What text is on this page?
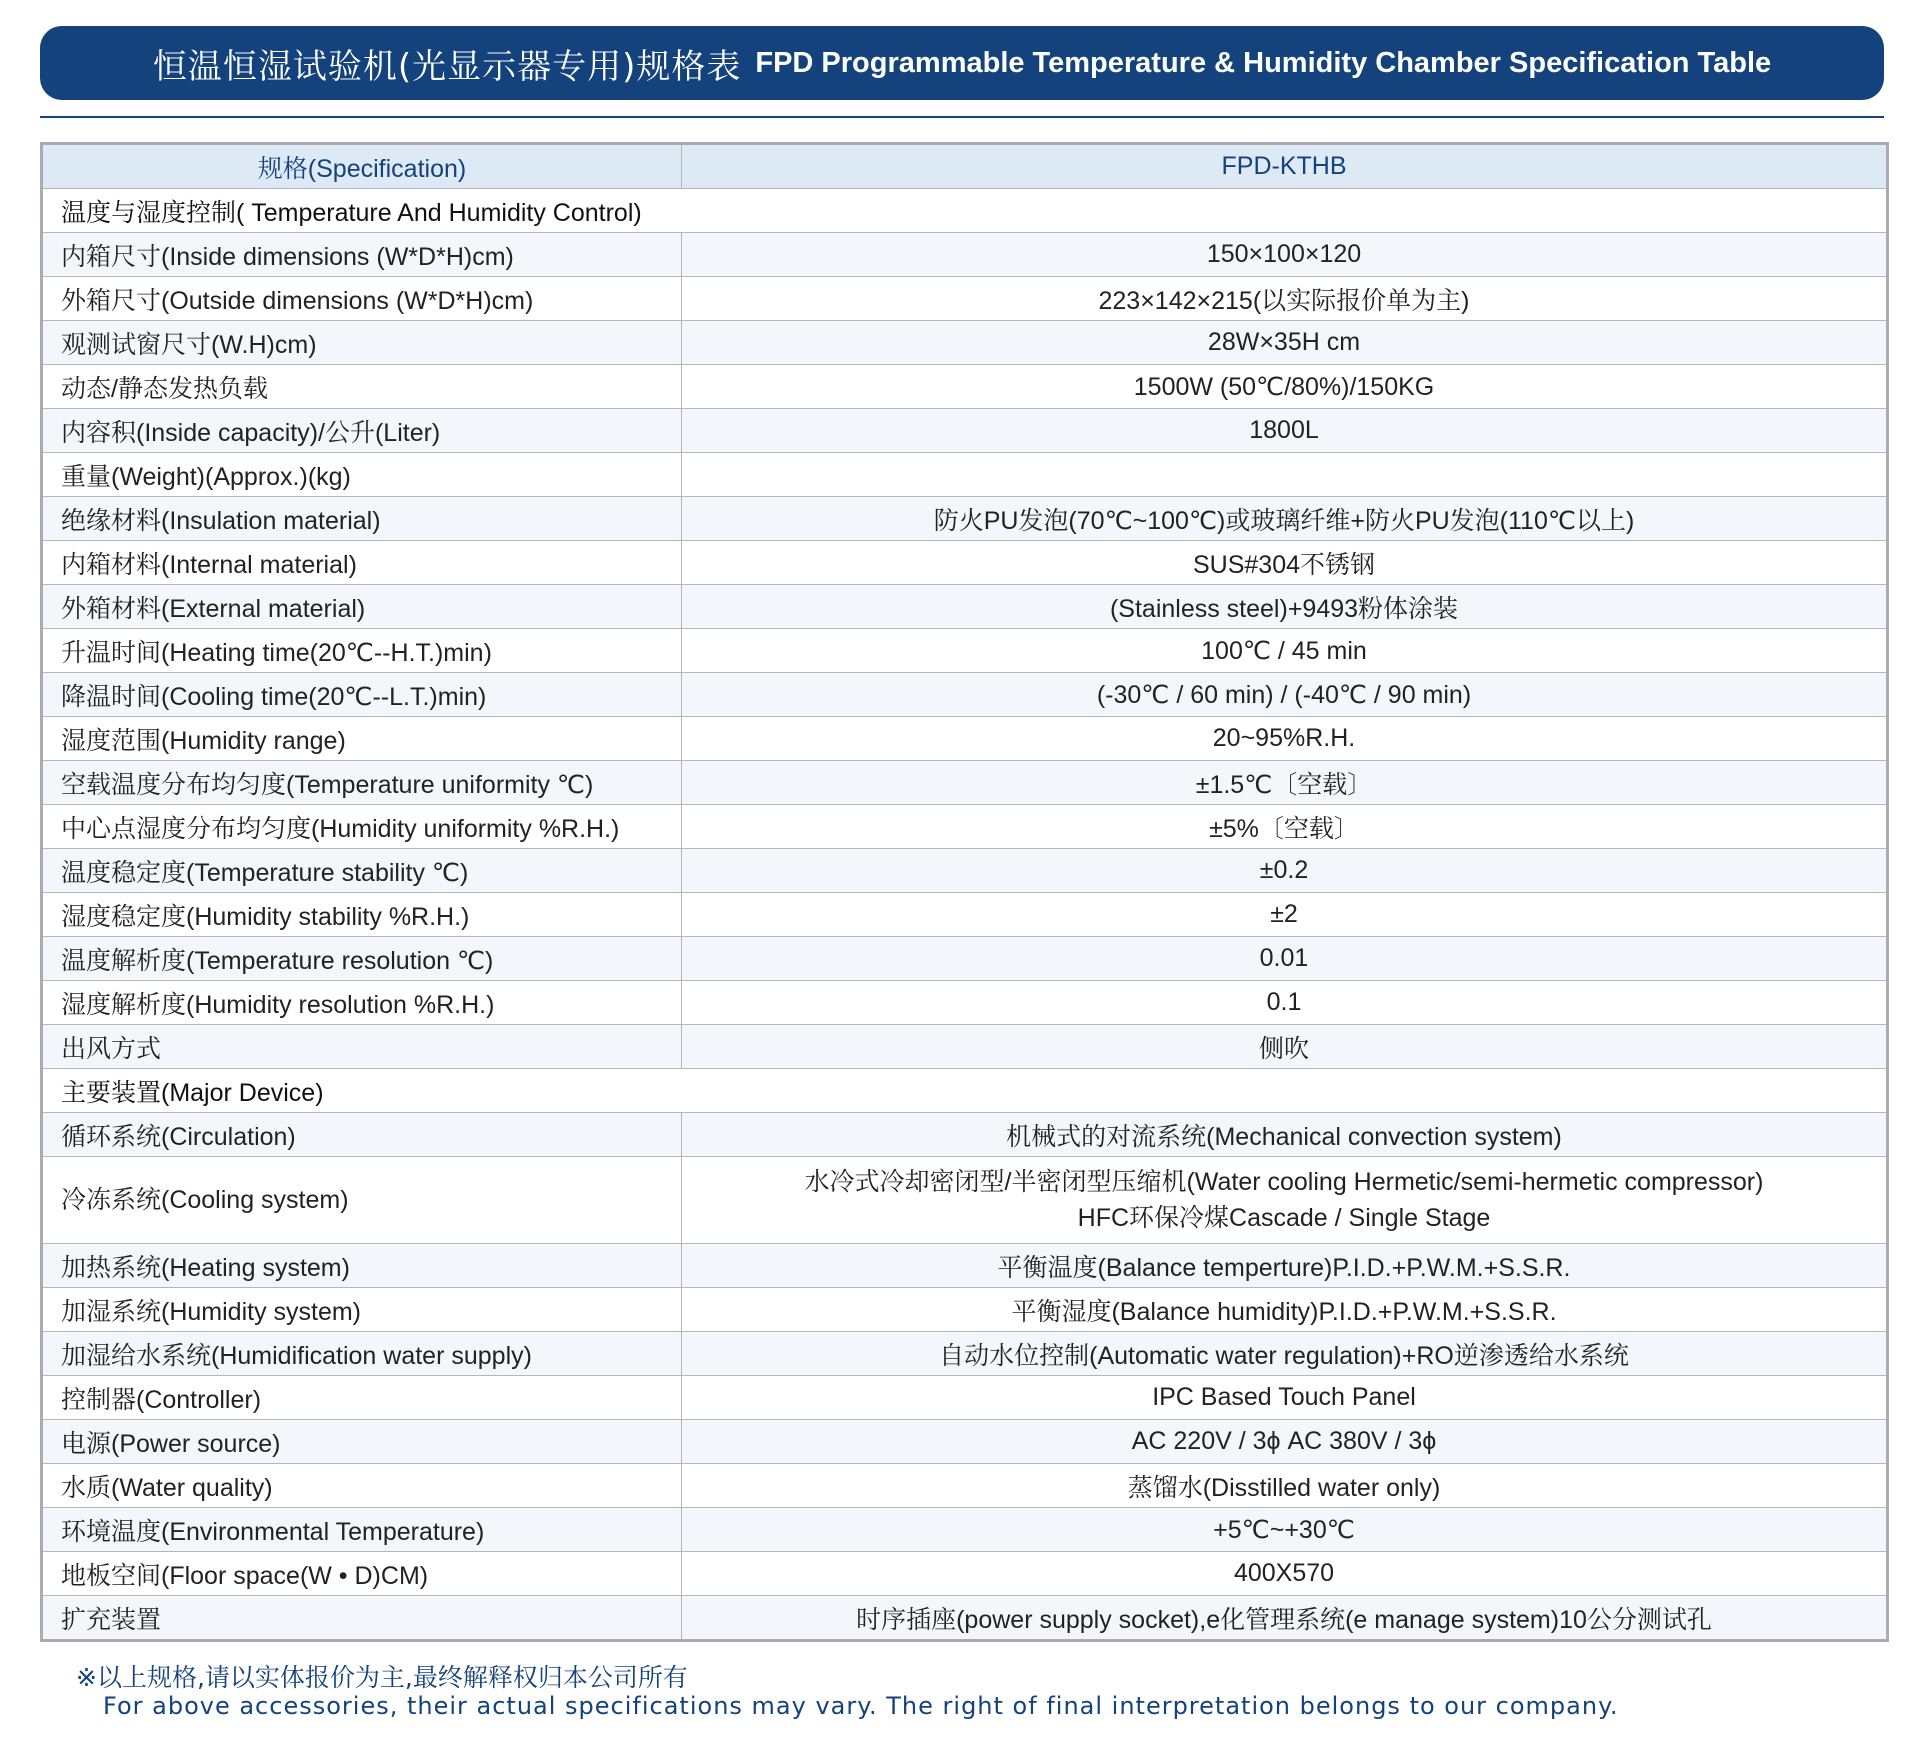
恒温恒湿试验机(光显示器专用)规格表 FPD Programmable Temperature & Humidity Chamber Specification Table
规格(Specification)	FPD-KTHB
温度与湿度控制( Temperature And Humidity Control)	
内箱尺寸(Inside dimensions (W*D*H)cm)	150×100×120
外箱尺寸(Outside dimensions (W*D*H)cm)	223×142×215(以实际报价单为主)
观测试窗尺寸(W.H)cm)	28W×35H cm
动态/静态发热负载	1500W (50℃/80%)/150KG
内容积(Inside capacity)/公升(Liter)	1800L
重量(Weight)(Approx.)(kg)	
绝缘材料(Insulation material)	防火PU发泡(70℃~100℃)或玻璃纤维+防火PU发泡(110℃以上)
内箱材料(Internal material)	SUS#304不锈钢
外箱材料(External material)	(Stainless steel)+9493粉体涂装
升温时间(Heating time(20℃--H.T.)min)	100℃ / 45 min
降温时间(Cooling time(20℃--L.T.)min)	(-30℃ / 60 min) / (-40℃ / 90 min)
湿度范围(Humidity range)	20~95%R.H.
空载温度分布均匀度(Temperature uniformity ℃)	±1.5℃〔空载〕
中心点湿度分布均匀度(Humidity uniformity %R.H.)	±5%〔空载〕
温度稳定度(Temperature stability ℃)	±0.2
湿度稳定度(Humidity stability %R.H.)	±2
温度解析度(Temperature resolution ℃)	0.01
湿度解析度(Humidity resolution %R.H.)	0.1
出风方式	侧吹
主要装置(Major Device)	
循环系统(Circulation)	机械式的对流系统(Mechanical convection system)
冷冻系统(Cooling system)	水冷式冷却密闭型/半密闭型压缩机(Water cooling Hermetic/semi-hermetic compressor)
HFC环保冷煤Cascade / Single Stage

加热系统(Heating system)	平衡温度(Balance temperture)P.I.D.+P.W.M.+S.S.R.
加湿系统(Humidity system)	平衡湿度(Balance humidity)P.I.D.+P.W.M.+S.S.R.
加湿给水系统(Humidification water supply)	自动水位控制(Automatic water regulation)+RO逆渗透给水系统
控制器(Controller)	IPC Based Touch Panel
电源(Power source)	AC 220V / 3ϕ AC 380V / 3ϕ
水质(Water quality)	蒸馏水(Disstilled water only)
环境温度(Environmental Temperature)	+5℃~+30℃
地板空间(Floor space(W • D)CM)	400X570
扩充装置	时序插座(power supply socket),e化管理系统(e manage system)10公分测试孔
※以上规格,请以实体报价为主,最终解释权归本公司所有
For above accessories, their actual specifications may vary. The right of final interpretation belongs to our company.
